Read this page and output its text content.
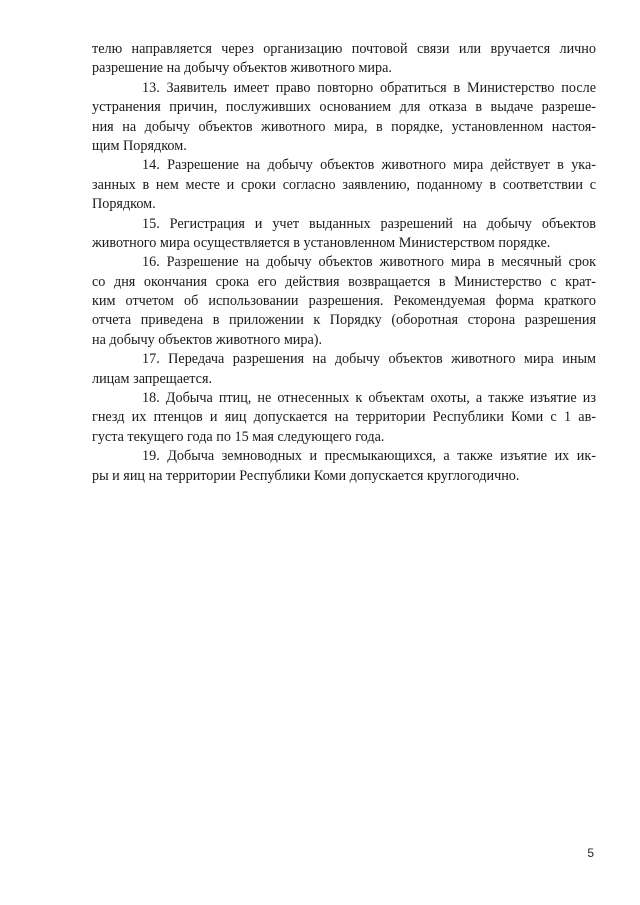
телю направляется через организацию почтовой связи или вручается лично
разрешение на добычу объектов животного мира.
13. Заявитель имеет право повторно обратиться в Министерство после
устранения причин, послуживших основанием для отказа в выдаче разреше-
ния на добычу объектов животного мира, в порядке, установленном настоя-
щим Порядком.
14. Разрешение на добычу объектов животного мира действует в ука-
занных в нем месте и сроки согласно заявлению, поданному в соответствии с
Порядком.
15. Регистрация и учет выданных разрешений на добычу объектов
животного мира осуществляется в установленном Министерством порядке.
16. Разрешение на добычу объектов животного мира в месячный срок
со дня окончания срока его действия возвращается в Министерство с крат-
ким отчетом об использовании разрешения. Рекомендуемая форма краткого
отчета приведена в приложении к Порядку (оборотная сторона разрешения
на добычу объектов животного мира).
17. Передача разрешения на добычу объектов животного мира иным
лицам запрещается.
18. Добыча птиц, не отнесенных к объектам охоты, а также изъятие из
гнезд их птенцов и яиц допускается на территории Республики Коми с 1 ав-
густа текущего года по 15 мая следующего года.
19. Добыча земноводных и пресмыкающихся, а также изъятие их ик-
ры и яиц на территории Республики Коми допускается круглогодично.
5
